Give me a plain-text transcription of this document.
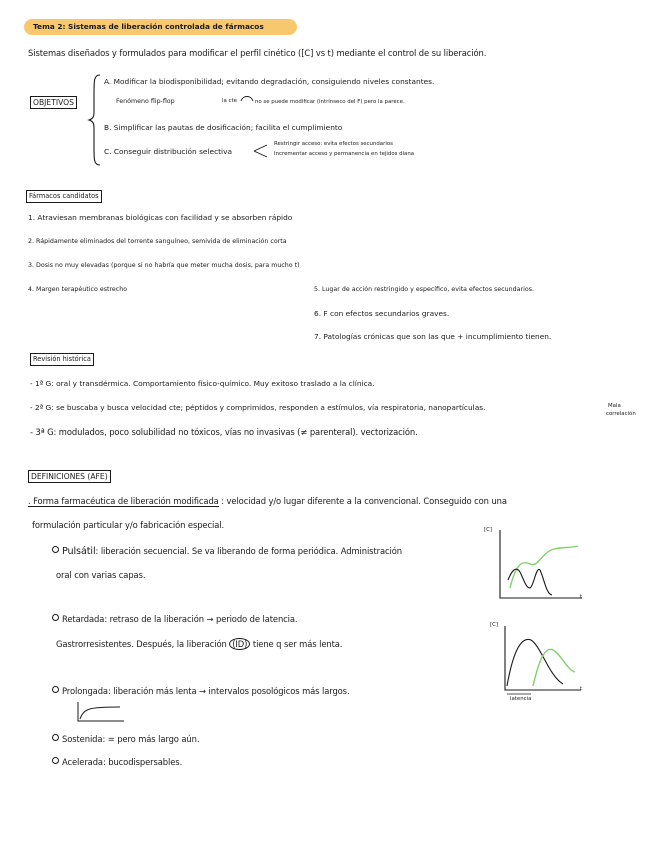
Tema 2: Sistemas de liberación controlada de fármacos
Sistemas diseñados y formulados para modificar el perfil cinético ([C] vs t) mediante el control de su liberación.
OBJETIVOS
A. Modificar la biodisponibilidad; evitando degradación, consiguiendo niveles constantes.
Fenómeno flip-flop	la cte	no se puede modificar (intrínseco del F) pero la parece.
B. Simplificar las pautas de dosificación; facilita el cumplimiento
C. Conseguir distribución selectiva
Restringir acceso: evita efectos secundarios
Incrementar acceso y permanencia en tejidos diana
Fármacos candidatos
1. Atraviesan membranas biológicas con facilidad y se absorben rápido
2. Rápidamente eliminados del torrente sanguíneo, semivida de eliminación corta
3. Dosis no muy elevadas (porque si no habría que meter mucha dosis, para mucho t)
4. Margen terapéutico estrecho	5. Lugar de acción restringido y específico, evita efectos secundarios.
6. F con efectos secundarios graves.
7. Patologías crónicas que son las que + incumplimiento tienen.
Revisión histórica
- 1ª G: oral y transdérmica. Comportamiento físico-químico. Muy exitoso traslado a la clínica.
- 2ª G: se buscaba y busca velocidad cte; péptidos y comprimidos, responden a estímulos, vía respiratoria, nanopartículas.	Mala
correlación
- 3ª G: modulados, poco solubilidad no tóxicos, vías no invasivas (≠ parenteral). vectorización.
DEFINICIONES (AFE)
. Forma farmacéutica de liberación modificada : velocidad y/o lugar diferente a la convencional. Conseguido con una
formulación particular y/o fabricación especial.
Pulsátil: liberación secuencial. Se va liberando de forma periódica. Administración
oral con varias capas.
Retardada: retraso de la liberación → periodo de latencia.
Gastrorresistentes. Después, la liberación (ID) tiene q ser más lenta.
Prolongada: liberación más lenta → intervalos posológicos más largos.
Sostenida: = pero más largo aún.
Acelerada: bucodispersables.
[C]
t
[C]
t
latencia
